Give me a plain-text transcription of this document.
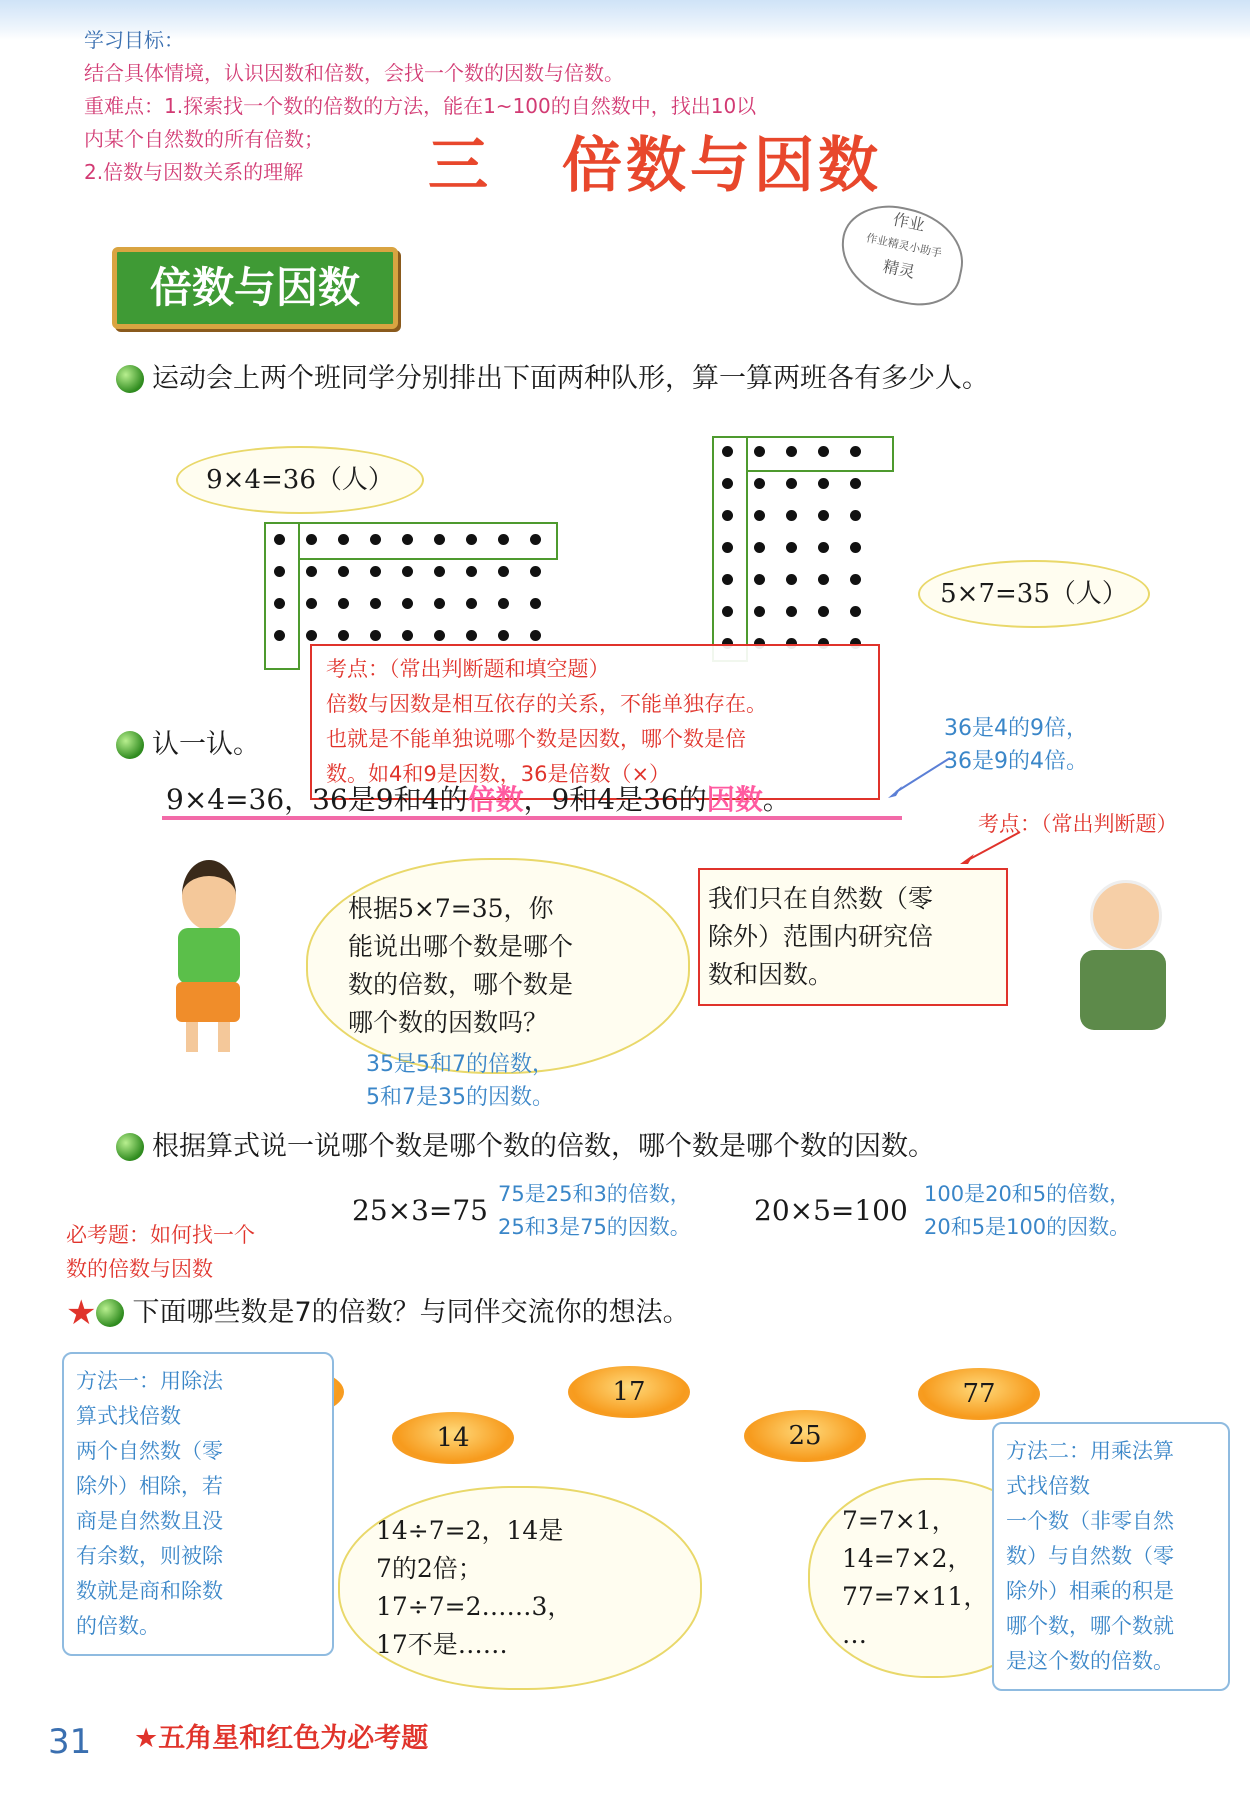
学习目标：
结合具体情境，认识因数和倍数，会找一个数的因数与倍数。
重难点：1.探索找一个数的倍数的方法，能在1~100的自然数中，找出10以
内某个自然数的所有倍数；
2.倍数与因数关系的理解	三 倍数与因数
倍数与因数
作业
作业精灵小助手
精灵
运动会上两个班同学分别排出下面两种队形，算一算两班各有多少人。
9×4=36（人）
5×7=35（人）
考点：（常出判断题和填空题）
倍数与因数是相互依存的关系，不能单独存在。
也就是不能单独说哪个数是因数，哪个数是倍
数。如4和9是因数，36是倍数（×）
认一认。
36是4的9倍，
36是9的4倍。
9×4=36，36是9和4的倍数，9和4是36的因数。
考点：（常出判断题）
根据5×7=35，你
能说出哪个数是哪个
数的倍数，哪个数是
哪个数的因数吗？
35是5和7的倍数，
5和7是35的因数。
我们只在自然数（零
除外）范围内研究倍
数和因数。
根据算式说一说哪个数是哪个数的倍数，哪个数是哪个数的因数。
25×3=75 75是25和3的倍数，
25和3是75的因数。 20×5=100 100是20和5的倍数，
20和5是100的因数。
必考题：如何找一个
数的倍数与因数
★ 下面哪些数是7的倍数？与同伴交流你的想法。
14
17
25
77
方法一：用除法
算式找倍数
两个自然数（零
除外）相除，若
商是自然数且没
有余数，则被除
数就是商和除数
的倍数。
14÷7=2，14是
7的2倍；
17÷7=2……3，
17不是……
7=7×1，
14=7×2，
77=7×11，
…
方法二：用乘法算
式找倍数
一个数（非零自然
数）与自然数（零
除外）相乘的积是
哪个数，哪个数就
是这个数的倍数。
31 ★五角星和红色为必考题
